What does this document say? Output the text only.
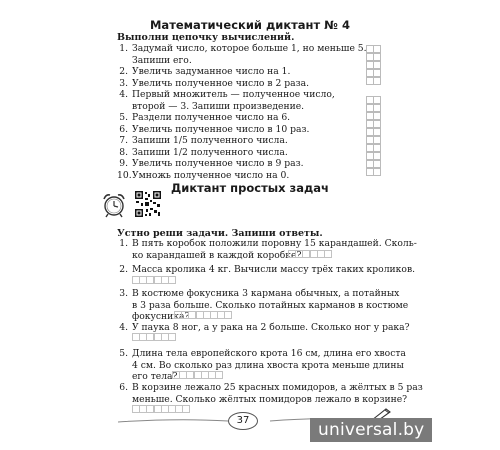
Математический диктант № 4
Выполни цепочку вычислений.
1. Задумай число, которое больше 1, но меньше 5.
Запиши его.
2. Увеличь задуманное число на 1.
3. Увеличь полученное число в 2 раза.
4. Первый множитель — полученное число,
второй — 3. Запиши произведение.
5. Раздели полученное число на 6.
6. Увеличь полученное число в 10 раз.
7. Запиши 1/5 полученного числа.
8. Запиши 1/2 полученного числа.
9. Увеличь полученное число в 9 раз.
10. Умножь полученное число на 0.
Диктант простых задач
Устно реши задачи. Запиши ответы.
1. В пять коробок положили поровну 15 карандашей. Сколь-
ко карандашей в каждой коробке?
2. Масса кролика 4 кг. Вычисли массу трёх таких кроликов.
3. В костюме фокусника 3 кармана обычных, а потайных
в 3 раза больше. Сколько потайных карманов в костюме
фокусника?
4. У паука 8 ног, а у рака на 2 больше. Сколько ног у рака?
5. Длина тела европейского крота 16 см, длина его хвоста
4 см. Во сколько раз длина хвоста крота меньше длины
его тела?
6. В корзине лежало 25 красных помидоров, а жёлтых в 5 раз
меньше. Сколько жёлтых помидоров лежало в корзине?
37	universal.by
